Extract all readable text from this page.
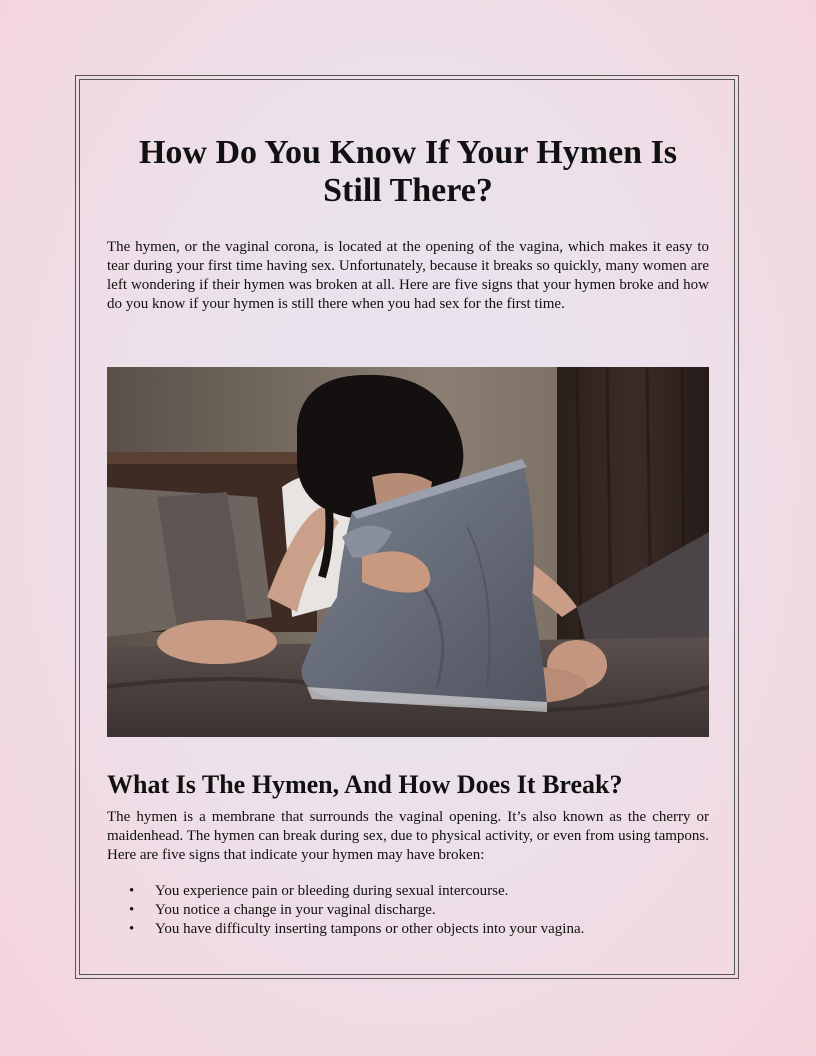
How Do You Know If Your Hymen Is Still There?

The hymen, or the vaginal corona, is located at the opening of the vagina, which makes it easy to tear during your first time having sex. Unfortunately, because it breaks so quickly, many women are left wondering if their hymen was broken at all. Here are five signs that your hymen broke and how do you know if your hymen is still there when you had sex for the first time.

What Is The Hymen, And How Does It Break?

The hymen is a membrane that surrounds the vaginal opening. It’s also known as the cherry or maidenhead. The hymen can break during sex, due to physical activity, or even from using tampons. Here are five signs that indicate your hymen may have broken:

• You experience pain or bleeding during sexual intercourse.
• You notice a change in your vaginal discharge.
• You have difficulty inserting tampons or other objects into your vagina.
